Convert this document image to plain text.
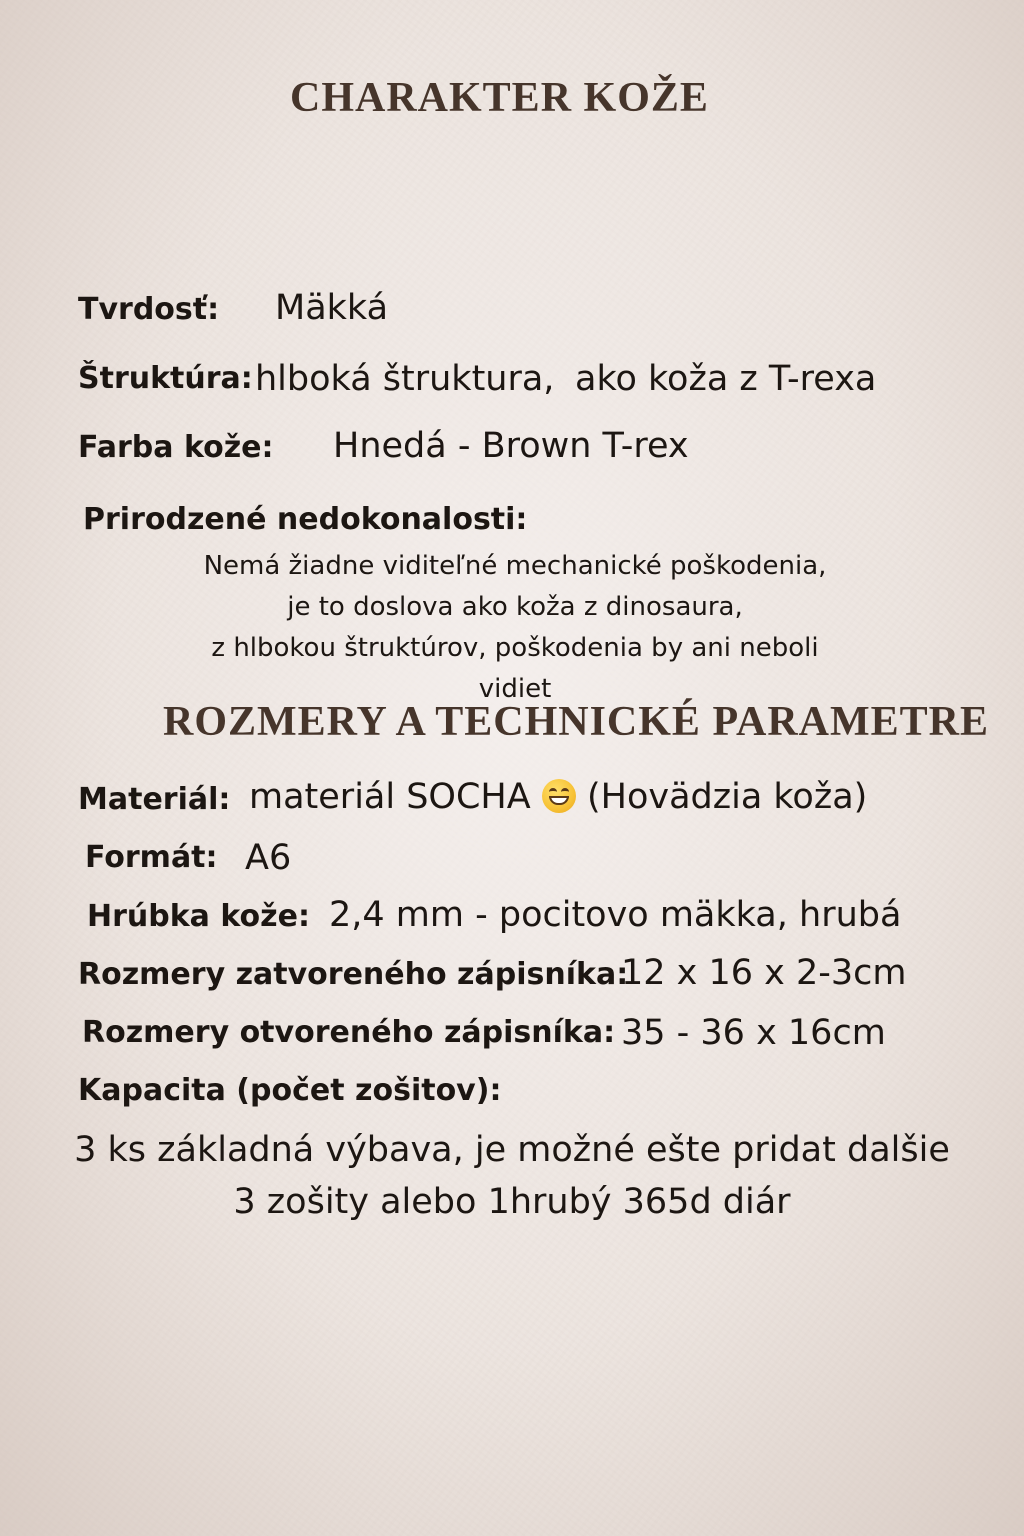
CHARAKTER KOŽE
Tvrdosť: Mäkká
Štruktúra: hlboká štruktura, ako koža z T-rexa
Farba kože: Hnedá - Brown T-rex
Prirodzené nedokonalosti:
Nemá žiadne viditeľné mechanické poškodenia,
je to doslova ako koža z dinosaura,
z hlbokou štruktúrov, poškodenia by ani neboli
vidiet
ROZMERY A TECHNICKÉ PARAMETRE
Materiál: materiál SOCHA (Hovädzia koža)
Formát: A6
Hrúbka kože: 2,4 mm - pocitovo mäkka, hrubá
Rozmery zatvoreného zápisníka:
12 x 16 x 2-3cm
Rozmery otvoreného zápisníka: 35 - 36 x 16cm
Kapacita (počet zošitov):
3 ks základná výbava, je možné ešte pridat dalšie
3 zošity alebo 1hrubý 365d diár
